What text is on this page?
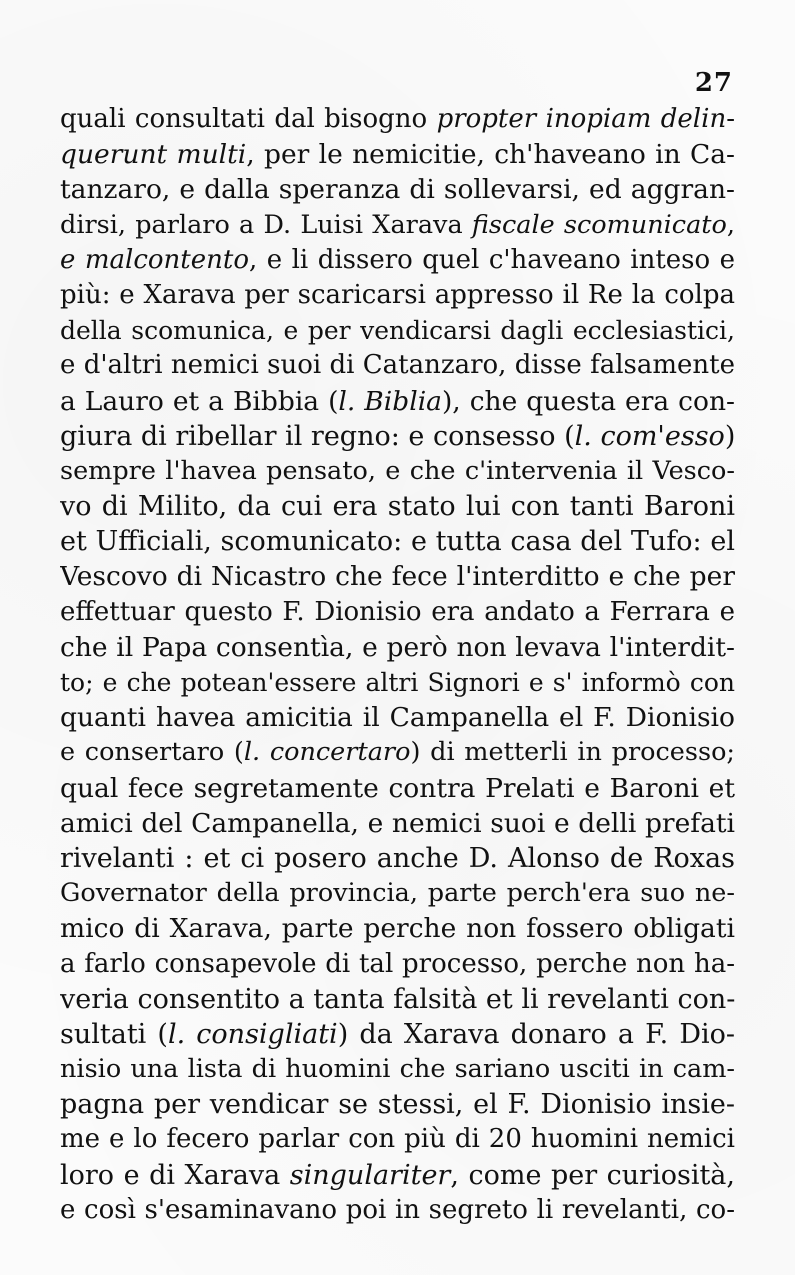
27
quali consultati dal bisogno propter inopiam delin-
querunt multi, per le nemicitie, ch'haveano in Ca-
tanzaro, e dalla speranza di sollevarsi, ed aggran-
dirsi, parlaro a D. Luisi Xarava fiscale scomunicato,
e malcontento, e li dissero quel c'haveano inteso e
più: e Xarava per scaricarsi appresso il Re la colpa
della scomunica, e per vendicarsi dagli ecclesiastici,
e d'altri nemici suoi di Catanzaro, disse falsamente
a Lauro et a Bibbia (l. Biblia), che questa era con-
giura di ribellar il regno: e consesso (l. com'esso)
sempre l'havea pensato, e che c'intervenia il Vesco-
vo di Milito, da cui era stato lui con tanti Baroni
et Ufficiali, scomunicato: e tutta casa del Tufo: el
Vescovo di Nicastro che fece l'interditto e che per
effettuar questo F. Dionisio era andato a Ferrara e
che il Papa consentìa, e però non levava l'interdit-
to; e che potean'essere altri Signori e s' informò con
quanti havea amicitia il Campanella el F. Dionisio
e consertaro (l. concertaro) di metterli in processo;
qual fece segretamente contra Prelati e Baroni et
amici del Campanella, e nemici suoi e delli prefati
rivelanti : et ci posero anche D. Alonso de Roxas
Governator della provincia, parte perch'era suo ne-
mico di Xarava, parte perche non fossero obligati
a farlo consapevole di tal processo, perche non ha-
veria consentito a tanta falsità et li revelanti con-
sultati (l. consigliati) da Xarava donaro a F. Dio-
nisio una lista di huomini che sariano usciti in cam-
pagna per vendicar se stessi, el F. Dionisio insie-
me e lo fecero parlar con più di 20 huomini nemici
loro e di Xarava singulariter, come per curiosità,
e così s'esaminavano poi in segreto li revelanti, co-
